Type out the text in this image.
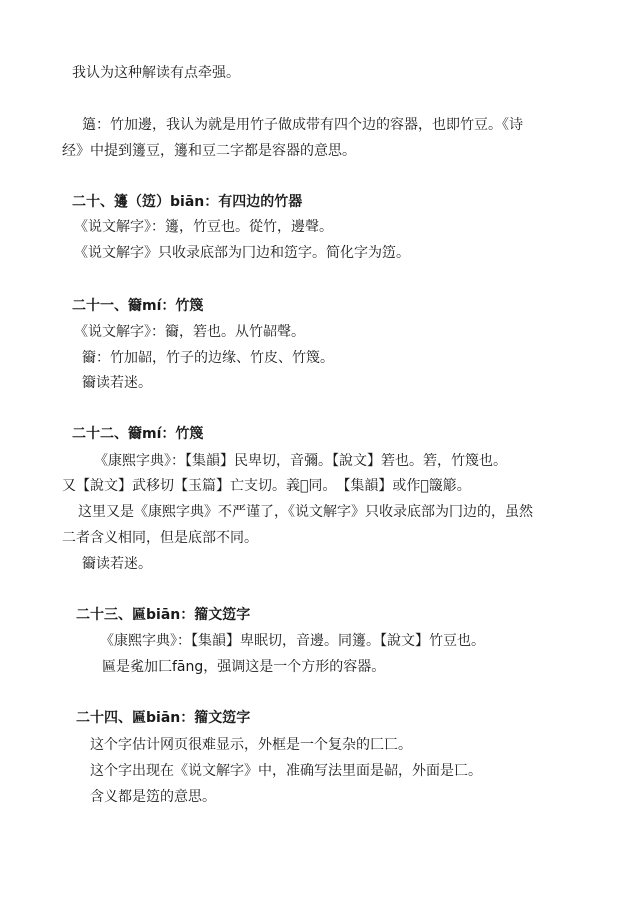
我认为这种解读有点牵强。
簻：竹加邊，我认为就是用竹子做成带有四个边的容器，也即竹豆。《诗
经》中提到籩豆，籩和豆二字都是容器的意思。
二十、籩（笾）biān：有四边的竹器
《说文解字》：籩，竹豆也。從竹，邊聲。
《说文解字》只收录底部为冂边和笾字。简化字为笾。
二十一、籋mí：竹篾
《说文解字》：籋，箬也。从竹𢑦聲。
籋：竹加𢑦，竹子的边缘、竹皮、竹篾。
籋读若迷。
二十二、籋mí：竹篾
《康熙字典》：【集韻】民卑切，音彌。【說文】箬也。箬，竹篾也。
又【說文】武移切【玉篇】亡支切。義𠃝同。　【集韻】或作𥳍簚簓。
这里又是《康熙字典》不严谨了，《说文解字》只收录底部为冂边的，虽然
二者含义相同，但是底部不同。
籋读若迷。
二十三、匾biān：籀文笾字
《康熙字典》：【集韻】卑眠切，音邊。同籩。【說文】竹豆也。
匾是㝹加匚fāng，强调这是一个方形的容器。
二十四、匾biān：籀文笾字
这个字估计网页很难显示，外框是一个复杂的匚匸。
这个字出现在《说文解字》中，准确写法里面是𢑦，外面是匸。
含义都是笾的意思。
